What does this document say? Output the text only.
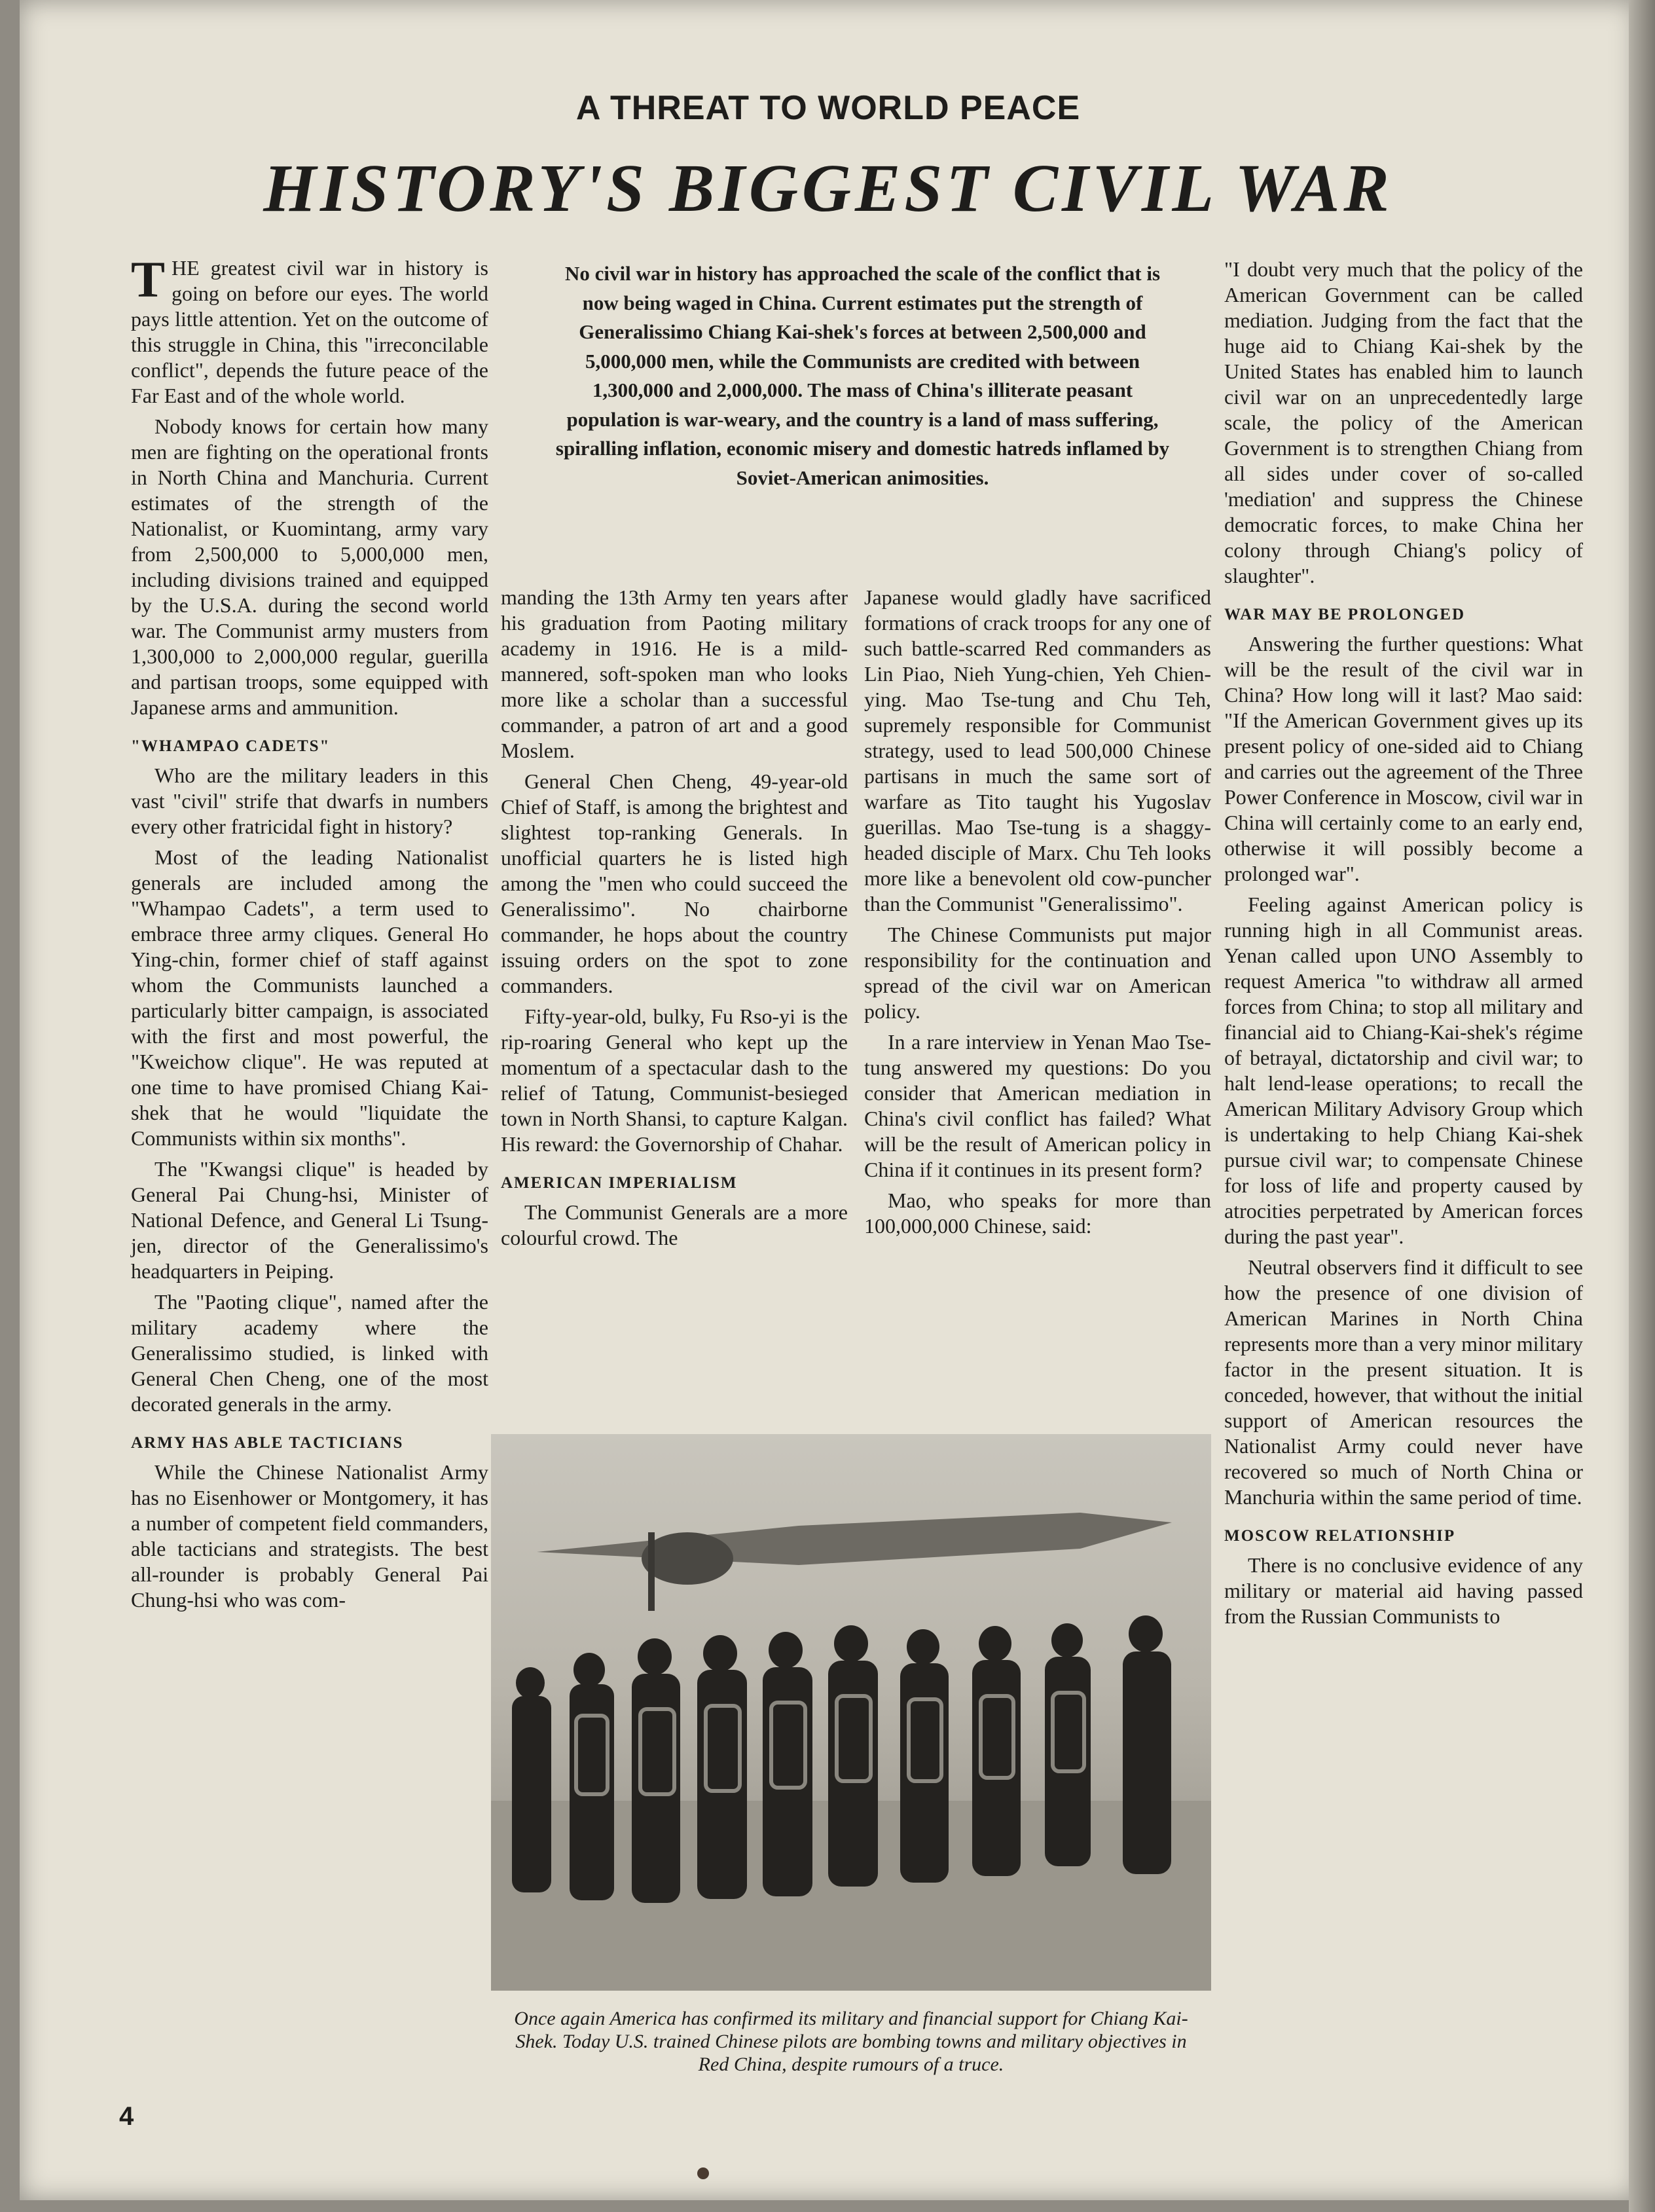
A THREAT TO WORLD PEACE
HISTORY'S BIGGEST CIVIL WAR

THE greatest civil war in history is going on before our eyes. The world pays little attention. Yet on the outcome of this struggle in China, this "irreconcilable conflict", depends the future peace of the Far East and of the whole world.

Nobody knows for certain how many men are fighting on the operational fronts in North China and Manchuria. Current estimates of the strength of the Nationalist, or Kuomintang, army vary from 2,500,000 to 5,000,000 men, including divisions trained and equipped by the U.S.A. during the second world war. The Communist army musters from 1,300,000 to 2,000,000 regular, guerilla and partisan troops, some equipped with Japanese arms and ammunition.

"WHAMPAO CADETS"

Who are the military leaders in this vast "civil" strife that dwarfs in numbers every other fratricidal fight in history?

Most of the leading Nationalist generals are included among the "Whampao Cadets", a term used to embrace three army cliques. General Ho Ying-chin, former chief of staff against whom the Communists launched a particularly bitter campaign, is associated with the first and most powerful, the "Kweichow clique". He was reputed at one time to have promised Chiang Kai-shek that he would "liquidate the Communists within six months".

The "Kwangsi clique" is headed by General Pai Chung-hsi, Minister of National Defence, and General Li Tsung-jen, director of the Generalissimo's headquarters in Peiping.

The "Paoting clique", named after the military academy where the Generalissimo studied, is linked with General Chen Cheng, one of the most decorated generals in the army.

ARMY HAS ABLE TACTICIANS

While the Chinese Nationalist Army has no Eisenhower or Montgomery, it has a number of competent field commanders, able tacticians and strategists. The best all-rounder is probably General Pai Chung-hsi who was com-

No civil war in history has approached the scale of the conflict that is now being waged in China. Current estimates put the strength of Generalissimo Chiang Kai-shek's forces at between 2,500,000 and 5,000,000 men, while the Communists are credited with between 1,300,000 and 2,000,000. The mass of China's illiterate peasant population is war-weary, and the country is a land of mass suffering, spiralling inflation, economic misery and domestic hatreds inflamed by Soviet-American animosities.

manding the 13th Army ten years after his graduation from Paoting military academy in 1916. He is a mild-mannered, soft-spoken man who looks more like a scholar than a successful commander, a patron of art and a good Moslem.

General Chen Cheng, 49-year-old Chief of Staff, is among the brightest and slightest top-ranking Generals. In unofficial quarters he is listed high among the "men who could succeed the Generalissimo". No chairborne commander, he hops about the country issuing orders on the spot to zone commanders.

Fifty-year-old, bulky, Fu Rso-yi is the rip-roaring General who kept up the momentum of a spectacular dash to the relief of Tatung, Communist-besieged town in North Shansi, to capture Kalgan. His reward: the Governorship of Chahar.

AMERICAN IMPERIALISM

The Communist Generals are a more colourful crowd. The

Japanese would gladly have sacrificed formations of crack troops for any one of such battle-scarred Red commanders as Lin Piao, Nieh Yung-chien, Yeh Chien-ying. Mao Tse-tung and Chu Teh, supremely responsible for Communist strategy, used to lead 500,000 Chinese partisans in much the same sort of warfare as Tito taught his Yugoslav guerillas. Mao Tse-tung is a shaggy-headed disciple of Marx. Chu Teh looks more like a benevolent old cow-puncher than the Communist "Generalissimo".

The Chinese Communists put major responsibility for the continuation and spread of the civil war on American policy.

In a rare interview in Yenan Mao Tse-tung answered my questions: Do you consider that American mediation in China's civil conflict has failed? What will be the result of American policy in China if it continues in its present form?

Mao, who speaks for more than 100,000,000 Chinese, said:

"I doubt very much that the policy of the American Government can be called mediation. Judging from the fact that the huge aid to Chiang Kai-shek by the United States has enabled him to launch civil war on an unprecedentedly large scale, the policy of the American Government is to strengthen Chiang from all sides under cover of so-called 'mediation' and suppress the Chinese democratic forces, to make China her colony through Chiang's policy of slaughter".

WAR MAY BE PROLONGED

Answering the further questions: What will be the result of the civil war in China? How long will it last? Mao said: "If the American Government gives up its present policy of one-sided aid to Chiang and carries out the agreement of the Three Power Conference in Moscow, civil war in China will certainly come to an early end, otherwise it will possibly become a prolonged war".

Feeling against American policy is running high in all Communist areas. Yenan called upon UNO Assembly to request America "to withdraw all armed forces from China; to stop all military and financial aid to Chiang-Kai-shek's régime of betrayal, dictatorship and civil war; to halt lend-lease operations; to recall the American Military Advisory Group which is undertaking to help Chiang Kai-shek pursue civil war; to compensate Chinese for loss of life and property caused by atrocities perpetrated by American forces during the past year".

Neutral observers find it difficult to see how the presence of one division of American Marines in North China represents more than a very minor military factor in the present situation. It is conceded, however, that without the initial support of American resources the Nationalist Army could never have recovered so much of North China or Manchuria within the same period of time.

MOSCOW RELATIONSHIP

There is no conclusive evidence of any military or material aid having passed from the Russian Communists to

Once again America has confirmed its military and financial support for Chiang Kai-Shek. Today U.S. trained Chinese pilots are bombing towns and military objectives in Red China, despite rumours of a truce.
4
